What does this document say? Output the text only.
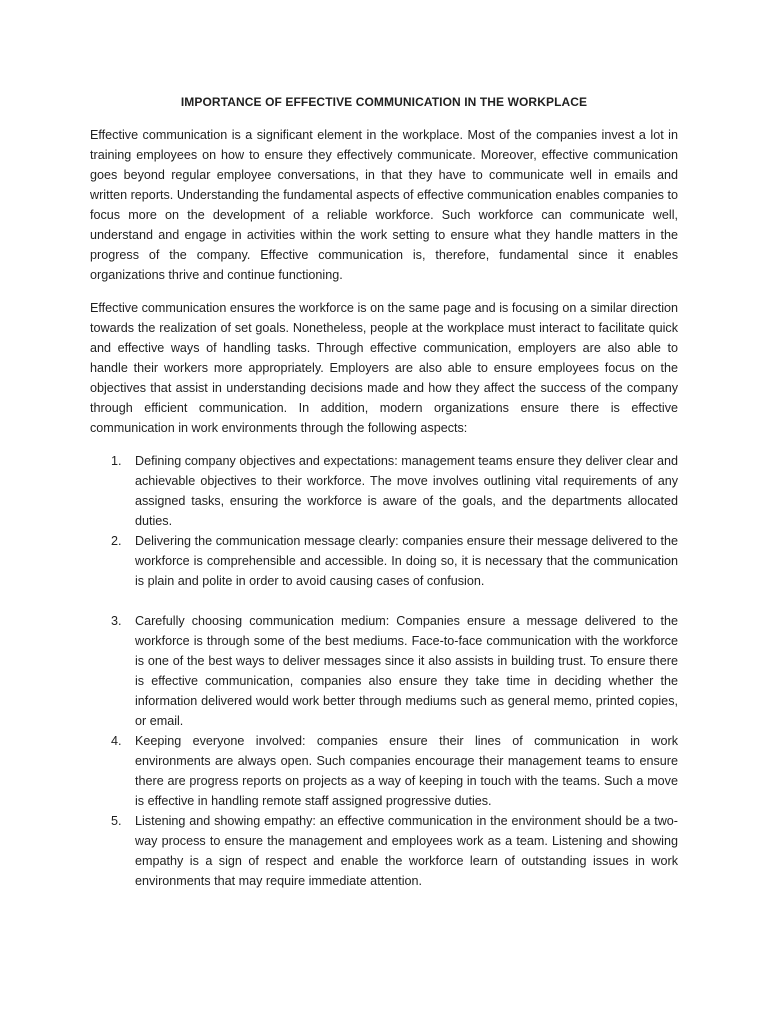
IMPORTANCE OF EFFECTIVE COMMUNICATION IN THE WORKPLACE

Effective communication is a significant element in the workplace. Most of the companies invest a lot in training employees on how to ensure they effectively communicate. Moreover, effective communication goes beyond regular employee conversations, in that they have to communicate well in emails and written reports. Understanding the fundamental aspects of effective communication enables companies to focus more on the development of a reliable workforce. Such workforce can communicate well, understand and engage in activities within the work setting to ensure what they handle matters in the progress of the company. Effective communication is, therefore, fundamental since it enables organizations thrive and continue functioning.

Effective communication ensures the workforce is on the same page and is focusing on a similar direction towards the realization of set goals. Nonetheless, people at the workplace must interact to facilitate quick and effective ways of handling tasks. Through effective communication, employers are also able to handle their workers more appropriately. Employers are also able to ensure employees focus on the objectives that assist in understanding decisions made and how they affect the success of the company through efficient communication. In addition, modern organizations ensure there is effective communication in work environments through the following aspects:

1. Defining company objectives and expectations: management teams ensure they deliver clear and achievable objectives to their workforce. The move involves outlining vital requirements of any assigned tasks, ensuring the workforce is aware of the goals, and the departments allocated duties.
2. Delivering the communication message clearly: companies ensure their message delivered to the workforce is comprehensible and accessible. In doing so, it is necessary that the communication is plain and polite in order to avoid causing cases of confusion.
3. Carefully choosing communication medium: Companies ensure a message delivered to the workforce is through some of the best mediums. Face-to-face communication with the workforce is one of the best ways to deliver messages since it also assists in building trust. To ensure there is effective communication, companies also ensure they take time in deciding whether the information delivered would work better through mediums such as general memo, printed copies, or email.
4. Keeping everyone involved: companies ensure their lines of communication in work environments are always open. Such companies encourage their management teams to ensure there are progress reports on projects as a way of keeping in touch with the teams. Such a move is effective in handling remote staff assigned progressive duties.
5. Listening and showing empathy: an effective communication in the environment should be a two-way process to ensure the management and employees work as a team. Listening and showing empathy is a sign of respect and enable the workforce learn of outstanding issues in work environments that may require immediate attention.
